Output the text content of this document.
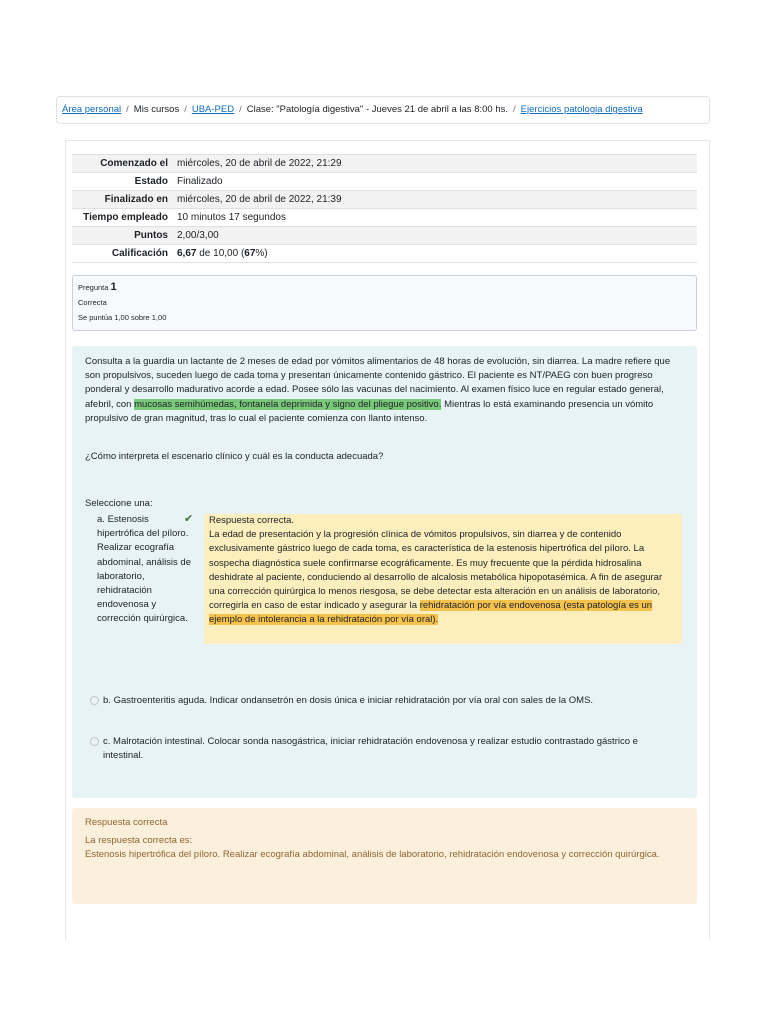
Área personal / Mis cursos / UBA-PED / Clase: "Patología digestiva" - Jueves 21 de abril a las 8:00 hs. / Ejercicios patologia digestiva
Comenzado el	miércoles, 20 de abril de 2022, 21:29
Estado	Finalizado
Finalizado en	miércoles, 20 de abril de 2022, 21:39
Tiempo empleado	10 minutos 17 segundos
Puntos	2,00/3,00
Calificación	6,67 de 10,00 (67%)
Pregunta 1
Correcta
Se puntúa 1,00 sobre 1,00

Consulta a la guardia un lactante de 2 meses de edad por vómitos alimentarios de 48 horas de evolución, sin diarrea. La madre refiere que son propulsivos, suceden luego de cada toma y presentan únicamente contenido gástrico. El paciente es NT/PAEG con buen progreso ponderal y desarrollo madurativo acorde a edad. Posee sólo las vacunas del nacimiento. Al examen físico luce en regular estado general, afebril, con mucosas semihúmedas, fontanela deprimida y signo del pliegue positivo. Mientras lo está examinando presencia un vómito propulsivo de gran magnitud, tras lo cual el paciente comienza con llanto intenso.

¿Cómo interpreta el escenario clínico y cuál es la conducta adecuada?

Seleccione una:
a. Estenosis hipertrófica del píloro. Realizar ecografía abdominal, análisis de laboratorio, rehidratación endovenosa y corrección quirúrgica.
✔ Respuesta correcta.
La edad de presentación y la progresión clínica de vómitos propulsivos, sin diarrea y de contenido exclusivamente gástrico luego de cada toma, es característica de la estenosis hipertrófica del píloro. La sospecha diagnóstica suele confirmarse ecográficamente. Es muy frecuente que la pérdida hidrosalina deshidrate al paciente, conduciendo al desarrollo de alcalosis metabólica hipopotasémica. A fin de asegurar una corrección quirúrgica lo menos riesgosa, se debe detectar esta alteración en un análisis de laboratorio, corregirla en caso de estar indicado y asegurar la rehidratación por vía endovenosa (esta patología es un ejemplo de intolerancia a la rehidratación por vía oral).
b. Gastroenteritis aguda. Indicar ondansetrón en dosis única e iniciar rehidratación por vía oral con sales de la OMS.
c. Malrotación intestinal. Colocar sonda nasogástrica, iniciar rehidratación endovenosa y realizar estudio contrastado gástrico e intestinal.
Respuesta correcta
La respuesta correcta es:
Estenosis hipertrófica del píloro. Realizar ecografía abdominal, análisis de laboratorio, rehidratación endovenosa y corrección quirúrgica.
